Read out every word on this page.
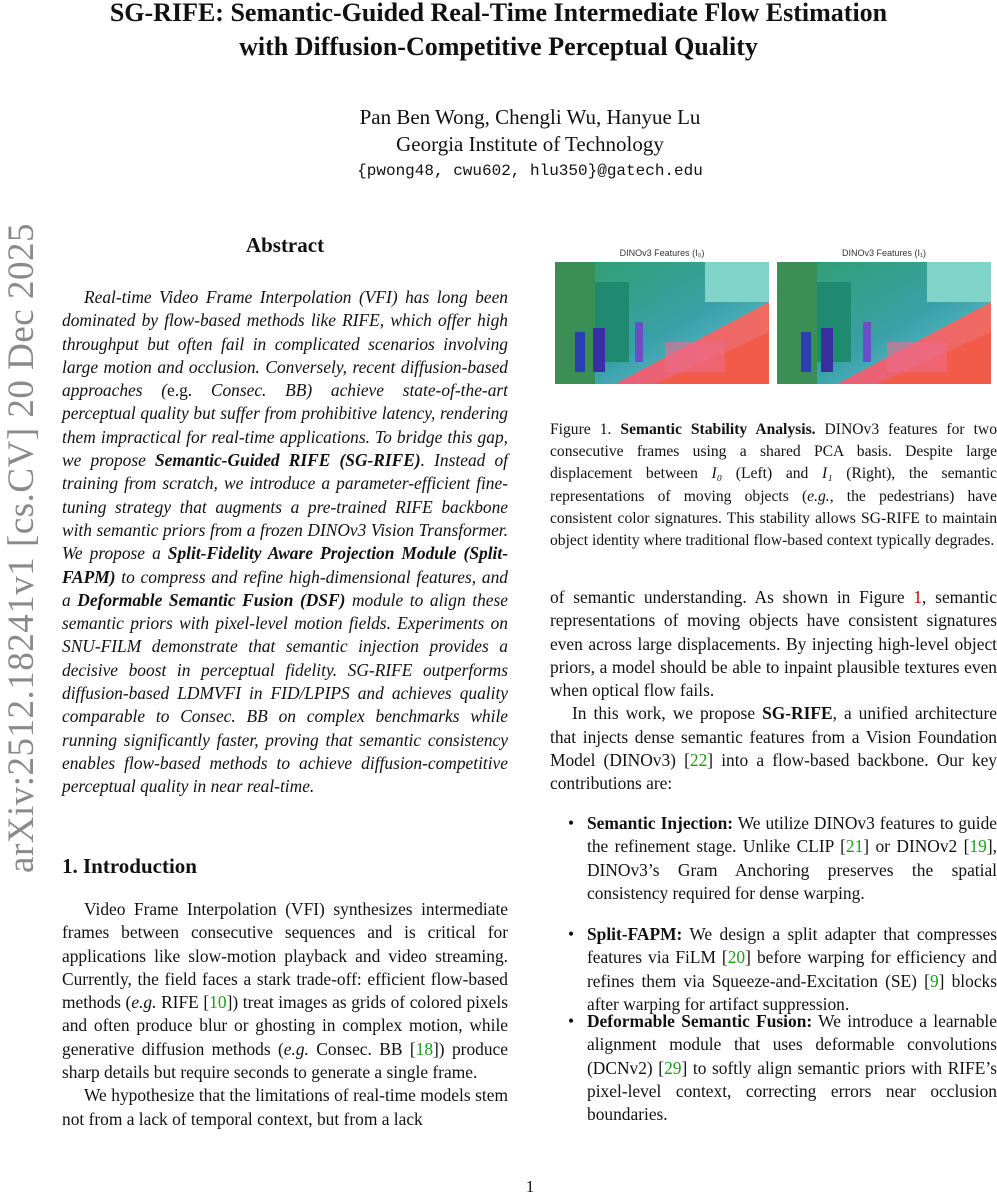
SG-RIFE: Semantic-Guided Real-Time Intermediate Flow Estimation
with Diffusion-Competitive Perceptual Quality
Pan Ben Wong, Chengli Wu, Hanyue Lu
Georgia Institute of Technology
{pwong48, cwu602, hlu350}@gatech.edu
arXiv:2512.18241v1 [cs.CV] 20 Dec 2025	Abstract

Real-time Video Frame Interpolation (VFI) has long been dominated by flow-based methods like RIFE, which offer high throughput but often fail in complicated scenarios involving large motion and occlusion. Conversely, recent diffusion-based approaches (e.g. Consec. BB) achieve state-of-the-art perceptual quality but suffer from prohibitive latency, rendering them impractical for real-time applications. To bridge this gap, we propose Semantic-Guided RIFE (SG-RIFE). Instead of training from scratch, we introduce a parameter-efficient fine-tuning strategy that augments a pre-trained RIFE backbone with semantic priors from a frozen DINOv3 Vision Transformer. We propose a Split-Fidelity Aware Projection Module (Split-FAPM) to compress and refine high-dimensional features, and a Deformable Semantic Fusion (DSF) module to align these semantic priors with pixel-level motion fields. Experiments on SNU-FILM demonstrate that semantic injection provides a decisive boost in perceptual fidelity. SG-RIFE outperforms diffusion-based LDMVFI in FID/LPIPS and achieves quality comparable to Consec. BB on complex benchmarks while running significantly faster, proving that semantic consistency enables flow-based methods to achieve diffusion-competitive perceptual quality in near real-time.

1. Introduction

Video Frame Interpolation (VFI) synthesizes intermediate frames between consecutive sequences and is critical for applications like slow-motion playback and video streaming. Currently, the field faces a stark trade-off: efficient flow-based methods (e.g. RIFE [10]) treat images as grids of colored pixels and often produce blur or ghosting in complex motion, while generative diffusion methods (e.g. Consec. BB [18]) produce sharp details but require seconds to generate a single frame.

We hypothesize that the limitations of real-time models stem not from a lack of temporal context, but from a lack

DINOv3 Features (I₀)	DINOv3 Features (I₁)
Figure 1. Semantic Stability Analysis. DINOv3 features for two consecutive frames using a shared PCA basis. Despite large displacement between I₀ (Left) and I₁ (Right), the semantic representations of moving objects (e.g., the pedestrians) have consistent color signatures. This stability allows SG-RIFE to maintain object identity where traditional flow-based context typically degrades.

of semantic understanding. As shown in Figure 1, semantic representations of moving objects have consistent signatures even across large displacements. By injecting high-level object priors, a model should be able to inpaint plausible textures even when optical flow fails.

In this work, we propose SG-RIFE, a unified architecture that injects dense semantic features from a Vision Foundation Model (DINOv3) [22] into a flow-based backbone. Our key contributions are:

• Semantic Injection: We utilize DINOv3 features to guide the refinement stage. Unlike CLIP [21] or DINOv2 [19], DINOv3’s Gram Anchoring preserves the spatial consistency required for dense warping.
• Split-FAPM: We design a split adapter that compresses features via FiLM [20] before warping for efficiency and refines them via Squeeze-and-Excitation (SE) [9] blocks after warping for artifact suppression.
• Deformable Semantic Fusion: We introduce a learnable alignment module that uses deformable convolutions (DCNv2) [29] to softly align semantic priors with RIFE’s pixel-level context, correcting errors near occlusion boundaries.
1
